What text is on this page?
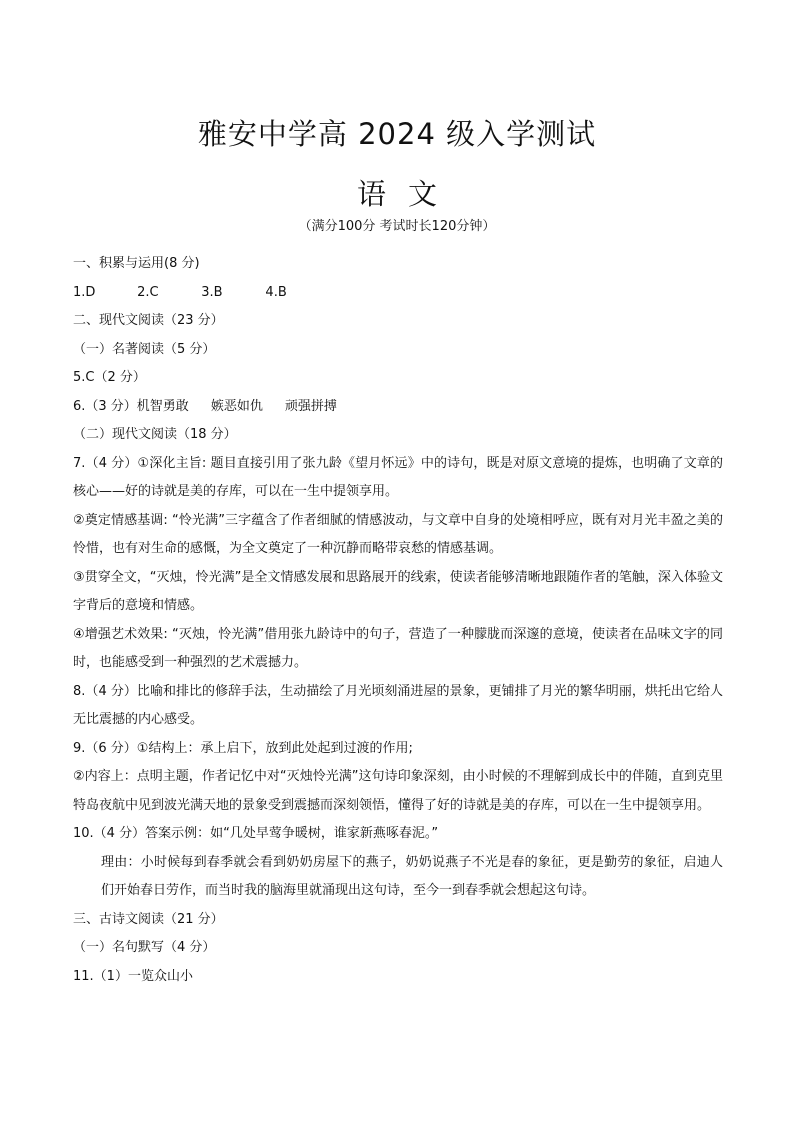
雅安中学高 2024 级入学测试
语文
（满分100分 考试时长120分钟）
一、积累与运用(8 分)
1.D	2.C	3.B	4.B
二、现代文阅读（23 分）
（一）名著阅读（5 分）
5.C（2 分）
6.（3 分）机智勇敢 嫉恶如仇 顽强拼搏
（二）现代文阅读（18 分）
7.（4 分）①深化主旨: 题目直接引用了张九龄《望月怀远》中的诗句，既是对原文意境的提炼，也明确了文章的核心——好的诗就是美的存库，可以在一生中提领享用。
②奠定情感基调: “怜光满”三字蕴含了作者细腻的情感波动，与文章中自身的处境相呼应，既有对月光丰盈之美的怜惜，也有对生命的感慨，为全文奠定了一种沉静而略带哀愁的情感基调。
③贯穿全文，“灭烛，怜光满”是全文情感发展和思路展开的线索，使读者能够清晰地跟随作者的笔触，深入体验文字背后的意境和情感。
④增强艺术效果: “灭烛，怜光满”借用张九龄诗中的句子，营造了一种朦胧而深邃的意境，使读者在品味文字的同时，也能感受到一种强烈的艺术震撼力。
8.（4 分）比喻和排比的修辞手法，生动描绘了月光顷刻涌进屋的景象，更铺排了月光的繁华明丽，烘托出它给人无比震撼的内心感受。
9.（6 分）①结构上：承上启下，放到此处起到过渡的作用;
②内容上：点明主题，作者记忆中对“灭烛怜光满”这句诗印象深刻，由小时候的不理解到成长中的伴随，直到克里特岛夜航中见到波光满天地的景象受到震撼而深刻领悟，懂得了好的诗就是美的存库，可以在一生中提领享用。
10.（4 分）答案示例：如“几处早莺争暖树，谁家新燕啄春泥。”
理由：小时候每到春季就会看到奶奶房屋下的燕子，奶奶说燕子不光是春的象征，更是勤劳的象征，启迪人们开始春日劳作，而当时我的脑海里就涌现出这句诗，至今一到春季就会想起这句诗。
三、古诗文阅读（21 分）
（一）名句默写（4 分）
11.（1）一览众山小
